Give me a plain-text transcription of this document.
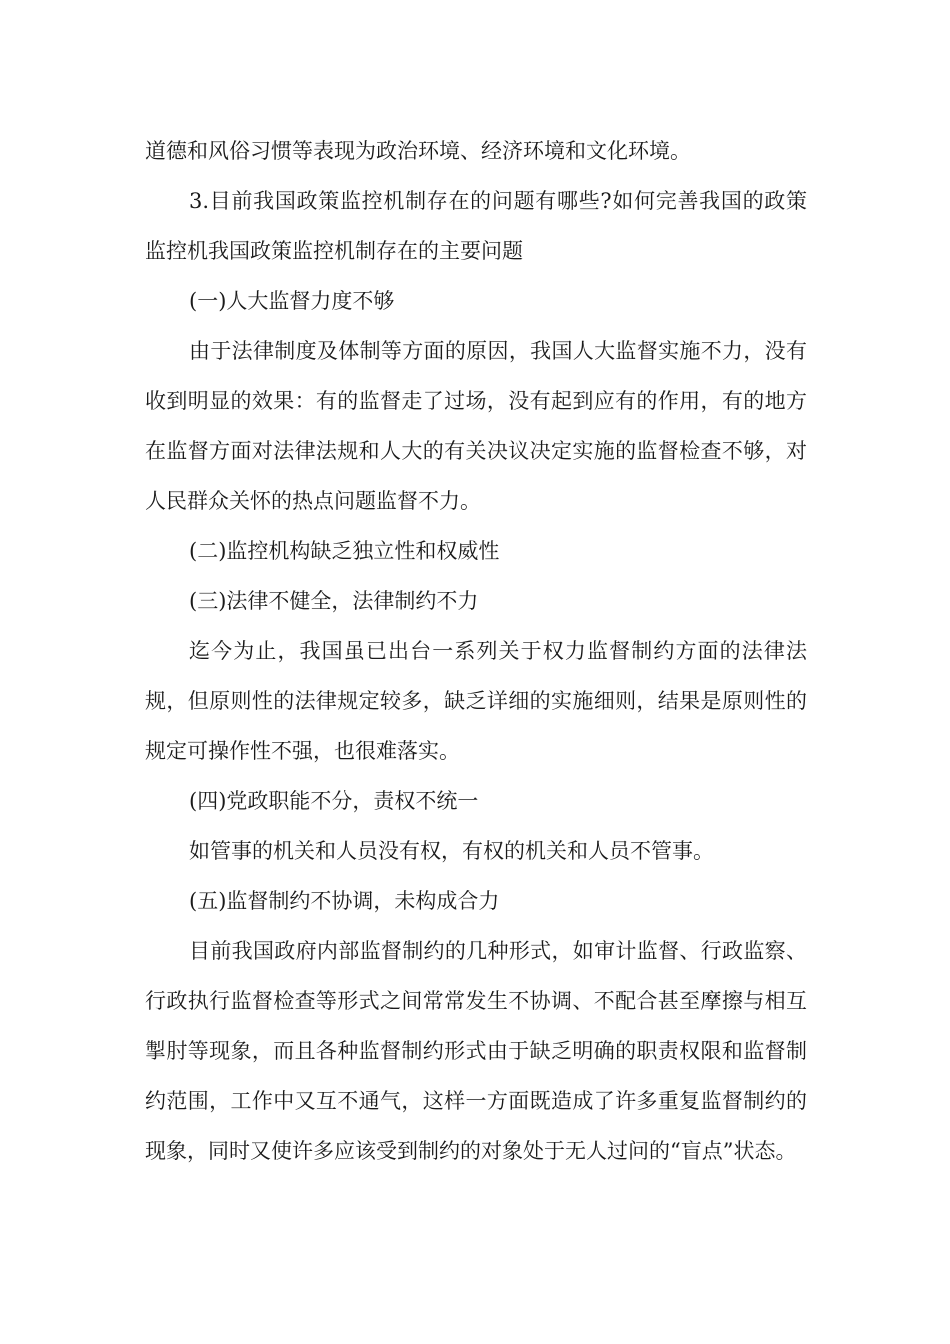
道德和风俗习惯等表现为政治环境、经济环境和文化环境。

3.目前我国政策监控机制存在的问题有哪些?如何完善我国的政策监控机我国政策监控机制存在的主要问题

(一)人大监督力度不够

由于法律制度及体制等方面的原因，我国人大监督实施不力，没有收到明显的效果：有的监督走了过场，没有起到应有的作用，有的地方在监督方面对法律法规和人大的有关决议决定实施的监督检查不够，对人民群众关怀的热点问题监督不力。

(二)监控机构缺乏独立性和权威性

(三)法律不健全，法律制约不力

迄今为止，我国虽已出台一系列关于权力监督制约方面的法律法规，但原则性的法律规定较多，缺乏详细的实施细则，结果是原则性的规定可操作性不强，也很难落实。

(四)党政职能不分，责权不统一

如管事的机关和人员没有权，有权的机关和人员不管事。

(五)监督制约不协调，未构成合力

目前我国政府内部监督制约的几种形式，如审计监督、行政监察、行政执行监督检查等形式之间常常发生不协调、不配合甚至摩擦与相互掣肘等现象，而且各种监督制约形式由于缺乏明确的职责权限和监督制约范围，工作中又互不通气，这样一方面既造成了许多重复监督制约的现象，同时又使许多应该受到制约的对象处于无人过问的“盲点”状态。
